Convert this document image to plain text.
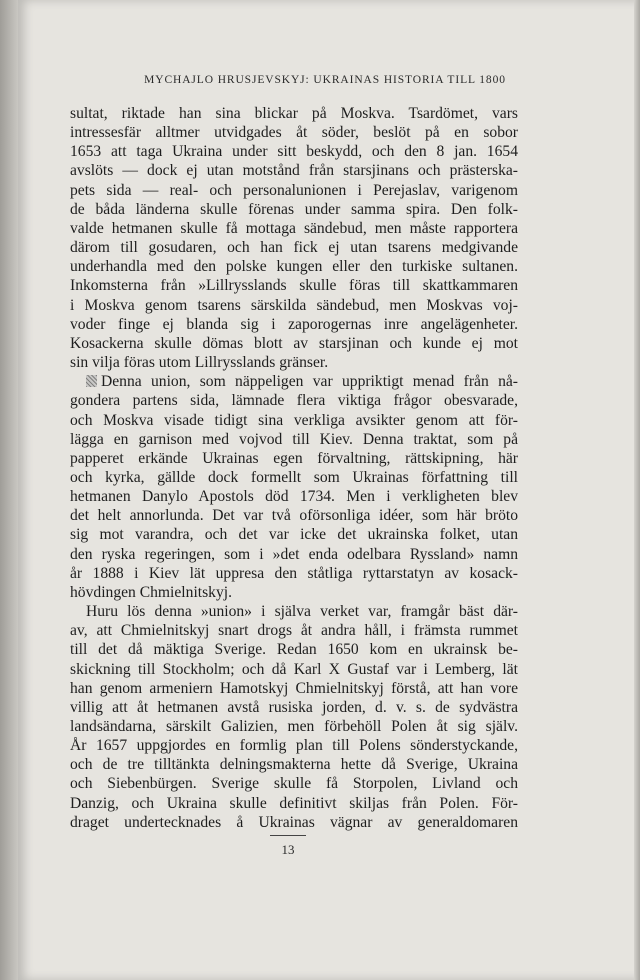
MYCHAJLO HRUSJEVSKYJ: UKRAINAS HISTORIA TILL 1800
sultat, riktade han sina blickar på Moskva. Tsardömet, vars
intressesfär alltmer utvidgades åt söder, beslöt på en sobor
1653 att taga Ukraina under sitt beskydd, och den 8 jan. 1654
avslöts — dock ej utan motstånd från starsjinans och prästerska-
pets sida — real- och personalunionen i Perejaslav, varigenom
de båda länderna skulle förenas under samma spira. Den folk-
valde hetmanen skulle få mottaga sändebud, men måste rapportera
därom till gosudaren, och han fick ej utan tsarens medgivande
underhandla med den polske kungen eller den turkiske sultanen.
Inkomsterna från »Lillrysslands skulle föras till skattkammaren
i Moskva genom tsarens särskilda sändebud, men Moskvas voj-
voder finge ej blanda sig i zaporogernas inre angelägenheter.
Kosackerna skulle dömas blott av starsjinan och kunde ej mot
sin vilja föras utom Lillrysslands gränser.
Denna union, som näppeligen var uppriktigt menad från nå-
gondera partens sida, lämnade flera viktiga frågor obesvarade,
och Moskva visade tidigt sina verkliga avsikter genom att för-
lägga en garnison med vojvod till Kiev. Denna traktat, som på
papperet erkände Ukrainas egen förvaltning, rättskipning, här
och kyrka, gällde dock formellt som Ukrainas författning till
hetmanen Danylo Apostols död 1734. Men i verkligheten blev
det helt annorlunda. Det var två oförsonliga idéer, som här bröto
sig mot varandra, och det var icke det ukrainska folket, utan
den ryska regeringen, som i »det enda odelbara Ryssland» namn
år 1888 i Kiev lät uppresa den ståtliga ryttarstatyn av kosack-
hövdingen Chmielnitskyj.
Huru lös denna »union» i själva verket var, framgår bäst där-
av, att Chmielnitskyj snart drogs åt andra håll, i främsta rummet
till det då mäktiga Sverige. Redan 1650 kom en ukrainsk be-
skickning till Stockholm; och då Karl X Gustaf var i Lemberg, lät
han genom armeniern Hamotskyj Chmielnitskyj förstå, att han vore
villig att åt hetmanen avstå rusiska jorden, d. v. s. de sydvästra
landsändarna, särskilt Galizien, men förbehöll Polen åt sig själv.
År 1657 uppgjordes en formlig plan till Polens sönderstyckande,
och de tre tilltänkta delningsmakterna hette då Sverige, Ukraina
och Siebenbürgen. Sverige skulle få Storpolen, Livland och
Danzig, och Ukraina skulle definitivt skiljas från Polen. För-
draget undertecknades å Ukrainas vägnar av generaldomaren
13
